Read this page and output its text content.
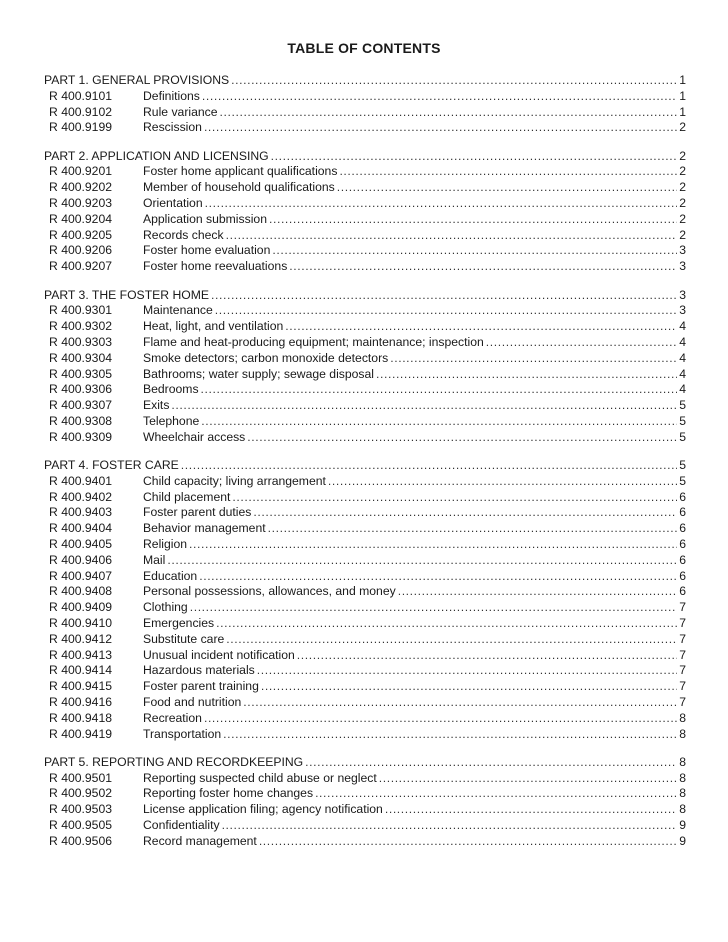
TABLE OF CONTENTS
PART 1. GENERAL PROVISIONS .....	1
R 400.9101	Definitions .....	1
R 400.9102	Rule variance .....	1
R 400.9199	Rescission .....	2
PART 2. APPLICATION AND LICENSING .....	2
R 400.9201	Foster home applicant qualifications .....	2
R 400.9202	Member of household qualifications .....	2
R 400.9203	Orientation .....	2
R 400.9204	Application submission .....	2
R 400.9205	Records check .....	2
R 400.9206	Foster home evaluation .....	3
R 400.9207	Foster home reevaluations .....	3
PART 3. THE FOSTER HOME .....	3
R 400.9301	Maintenance .....	3
R 400.9302	Heat, light, and ventilation .....	4
R 400.9303	Flame and heat-producing equipment; maintenance; inspection .....	4
R 400.9304	Smoke detectors; carbon monoxide detectors .....	4
R 400.9305	Bathrooms; water supply; sewage disposal .....	4
R 400.9306	Bedrooms .....	4
R 400.9307	Exits .....	5
R 400.9308	Telephone .....	5
R 400.9309	Wheelchair access .....	5
PART 4. FOSTER CARE .....	5
R 400.9401	Child capacity; living arrangement .....	5
R 400.9402	Child placement .....	6
R 400.9403	Foster parent duties .....	6
R 400.9404	Behavior management .....	6
R 400.9405	Religion .....	6
R 400.9406	Mail .....	6
R 400.9407	Education .....	6
R 400.9408	Personal possessions, allowances, and money .....	6
R 400.9409	Clothing .....	7
R 400.9410	Emergencies .....	7
R 400.9412	Substitute care .....	7
R 400.9413	Unusual incident notification .....	7
R 400.9414	Hazardous materials .....	7
R 400.9415	Foster parent training .....	7
R 400.9416	Food and nutrition .....	7
R 400.9418	Recreation .....	8
R 400.9419	Transportation .....	8
PART 5. REPORTING AND RECORDKEEPING .....	8
R 400.9501	Reporting suspected child abuse or neglect .....	8
R 400.9502	Reporting foster home changes .....	8
R 400.9503	License application filing; agency notification .....	8
R 400.9505	Confidentiality .....	9
R 400.9506	Record management .....	9
